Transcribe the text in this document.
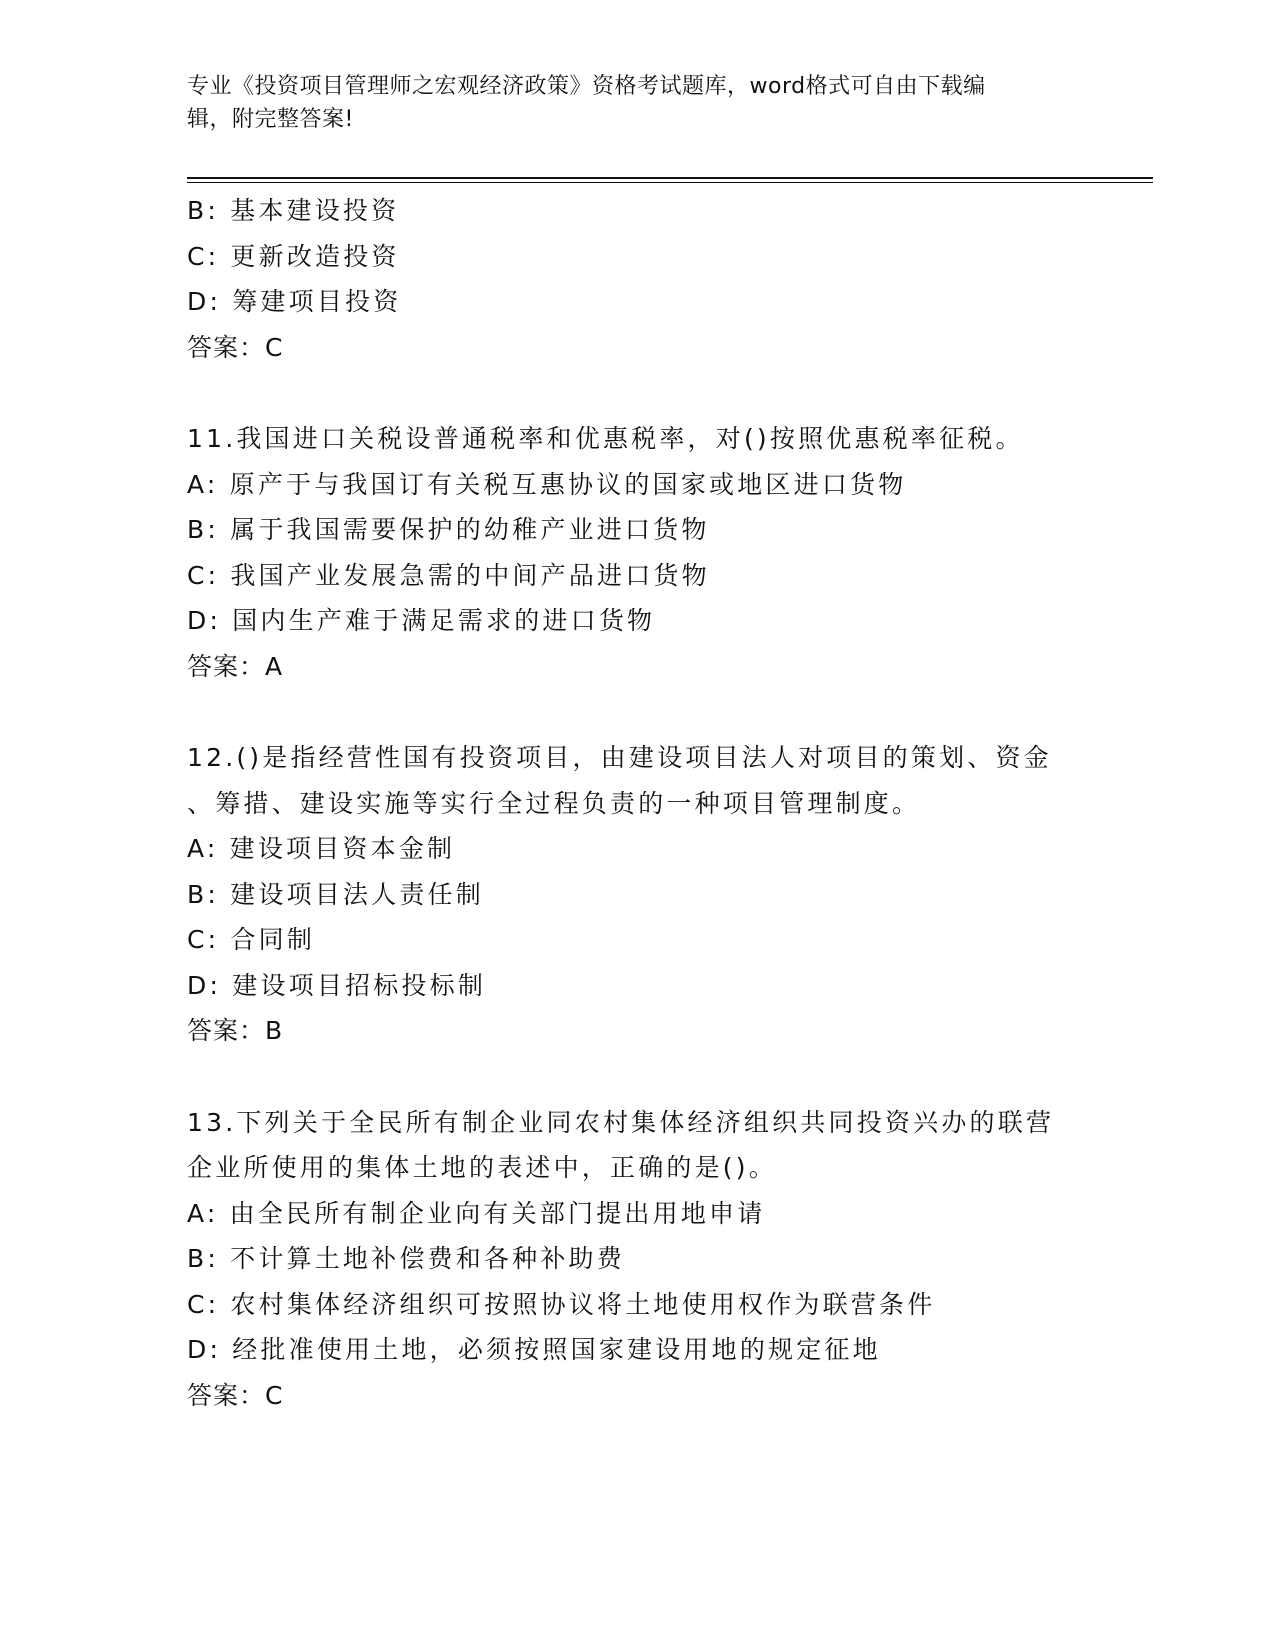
专业《投资项目管理师之宏观经济政策》资格考试题库，word格式可自由下载编
辑，附完整答案!
B: 基本建设投资
C: 更新改造投资
D: 筹建项目投资
答案：C
11.我国进口关税设普通税率和优惠税率，对()按照优惠税率征税。
A: 原产于与我国订有关税互惠协议的国家或地区进口货物
B: 属于我国需要保护的幼稚产业进口货物
C: 我国产业发展急需的中间产品进口货物
D: 国内生产难于满足需求的进口货物
答案：A
12.()是指经营性国有投资项目，由建设项目法人对项目的策划、资金
、筹措、建设实施等实行全过程负责的一种项目管理制度。
A: 建设项目资本金制
B: 建设项目法人责任制
C: 合同制
D: 建设项目招标投标制
答案：B
13.下列关于全民所有制企业同农村集体经济组织共同投资兴办的联营
企业所使用的集体土地的表述中，正确的是()。
A: 由全民所有制企业向有关部门提出用地申请
B: 不计算土地补偿费和各种补助费
C: 农村集体经济组织可按照协议将土地使用权作为联营条件
D: 经批准使用土地，必须按照国家建设用地的规定征地
答案：C
